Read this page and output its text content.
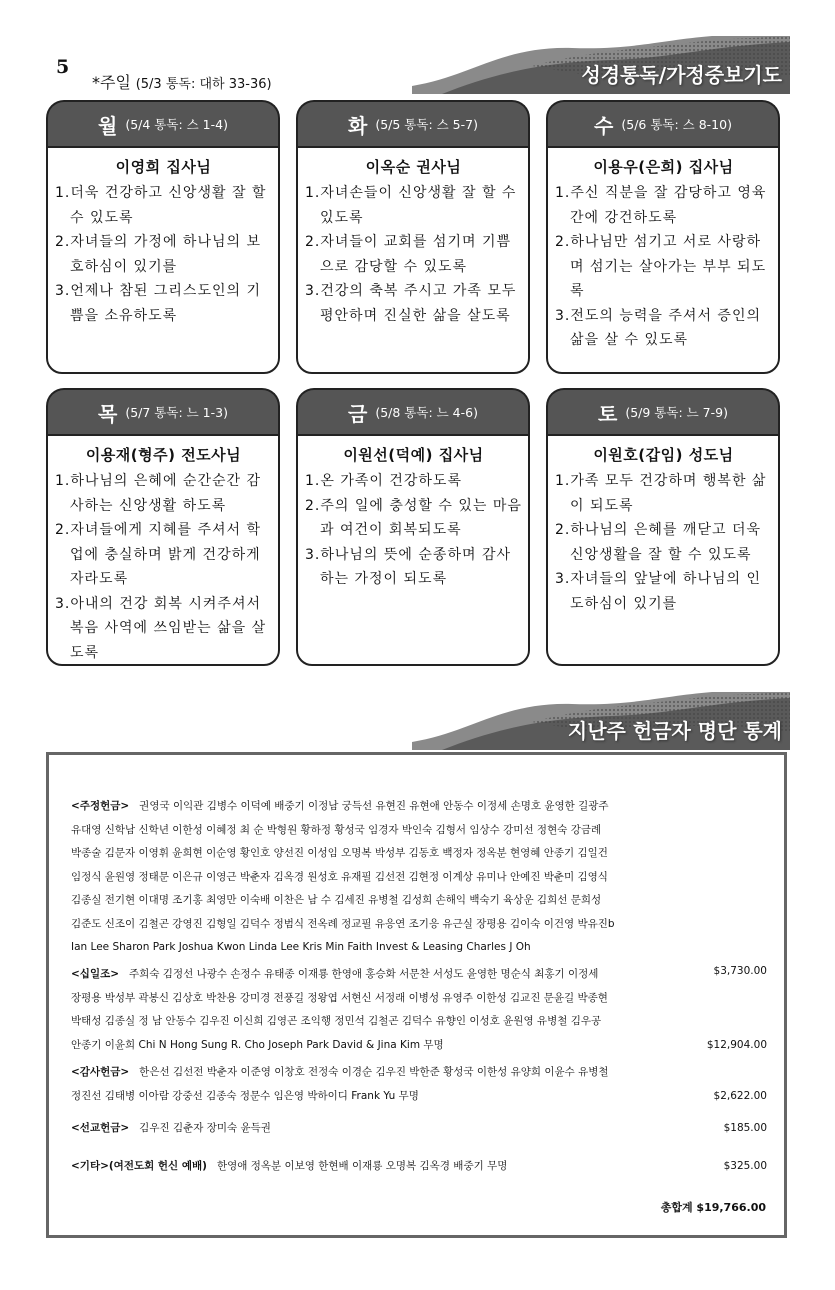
5
*주일 (5/3 통독: 대하 33-36)	성경통독/가정중보기도
월 (5/4 통독: 스 1-4)
이영희 집사님
1.더욱 건강하고 신앙생활 잘 할 수 있도록
2.자녀들의 가정에 하나님의 보호하심이 있기를
3.언제나 참된 그리스도인의 기쁨을 소유하도록
화 (5/5 통독: 스 5-7)
이옥순 권사님
1.자녀손들이 신앙생활 잘 할 수 있도록
2.자녀들이 교회를 섬기며 기쁨으로 감당할 수 있도록
3.건강의 축복 주시고 가족 모두 평안하며 진실한 삶을 살도록
수 (5/6 통독: 스 8-10)
이용우(은희) 집사님
1.주신 직분을 잘 감당하고 영육 간에 강건하도록
2.하나님만 섬기고 서로 사랑하며 섬기는 살아가는 부부 되도록
3.전도의 능력을 주셔서 증인의 삶을 살 수 있도록
목 (5/7 통독: 느 1-3)
이용재(형주) 전도사님
1.하나님의 은혜에 순간순간 감사하는 신앙생활 하도록
2.자녀들에게 지혜를 주셔서 학업에 충실하며 밝게 건강하게 자라도록
3.아내의 건강 회복 시켜주셔서 복음 사역에 쓰임받는 삶을 살도록
금 (5/8 통독: 느 4-6)
이원선(덕예) 집사님
1.온 가족이 건강하도록
2.주의 일에 충성할 수 있는 마음과 여건이 회복되도록
3.하나님의 뜻에 순종하며 감사하는 가정이 되도록
토 (5/9 통독: 느 7-9)
이원호(갑임) 성도님
1.가족 모두 건강하며 행복한 삶이 되도록
2.하나님의 은혜를 깨닫고 더욱 신앙생활을 잘 할 수 있도록
3.자녀들의 앞날에 하나님의 인도하심이 있기를
지난주 헌금자 명단 통계
<주정헌금> 권영국 이익관 김병수 이덕예 배중기 이정남 궁득선 유현진 유현애 안동수 이정세 손명호 윤영한 길광주
유대영 신학남 신학년 이한성 이혜정 최 순 박형원 황하정 황성국 임경자 박인숙 김형서 임상수 강미선 정현숙 강금례
박종술 김문자 이영휘 윤희현 이순영 황인호 양선진 이성임 오명복 박성부 김동호 백정자 정옥분 현영혜 안종기 김일건
임정식 윤원영 정태문 이은규 이영근 박춘자 김옥경 원성호 유재필 김선전 김현정 이계상 유미나 안예진 박춘미 김영식
김종실 전기현 이대명 조기홍 최영만 이숙배 이찬은 남 수 김세진 유병철 김성희 손해익 백숙기 육상운 김희선 문희성
김준도 신조이 김철곤 강영진 김형일 김덕수 정범식 전옥례 정교필 유응연 조기응 유근실 장평용 김이숙 이건영 박유진b
Ian Lee Sharon Park Joshua Kwon Linda Lee Kris Min Faith Invest & Leasing Charles J Oh
$3,730.00
<십일조> 주희숙 김정선 나광수 손정수 유태종 이재룡 한영애 홍승화 서문찬 서성도 윤영한 명순식 최홍기 이정세
장평용 박성부 곽봉신 김상호 박찬용 강미경 전풍길 정왕엽 서현신 서정래 이병성 유영주 이한성 김교진 문윤길 박종현
박태성 김종실 정 남 안동수 김우진 이신희 김영곤 조익행 정민석 김철곤 김덕수 유향인 이성호 윤원영 유병철 김우공
안종기 이윤희 Chi N Hong Sung R. Cho Joseph Park David & Jina Kim 무명	$12,904.00
<감사헌금> 한은선 김선전 박춘자 이준영 이창호 전정숙 이경순 김우진 박한준 황성국 이한성 유양희 이윤수 유병철
정진선 김태병 이아람 강중선 김종숙 정문수 임은영 박하이디 Frank Yu 무명	$2,622.00
<선교헌금> 김우진 김춘자 장미숙 윤득권	$185.00
<기타>(여전도회 헌신 예배) 한영애 정옥분 이보영 한현배 이재룡 오명복 김옥경 배중기 무명	$325.00
총합계 $19,766.00
